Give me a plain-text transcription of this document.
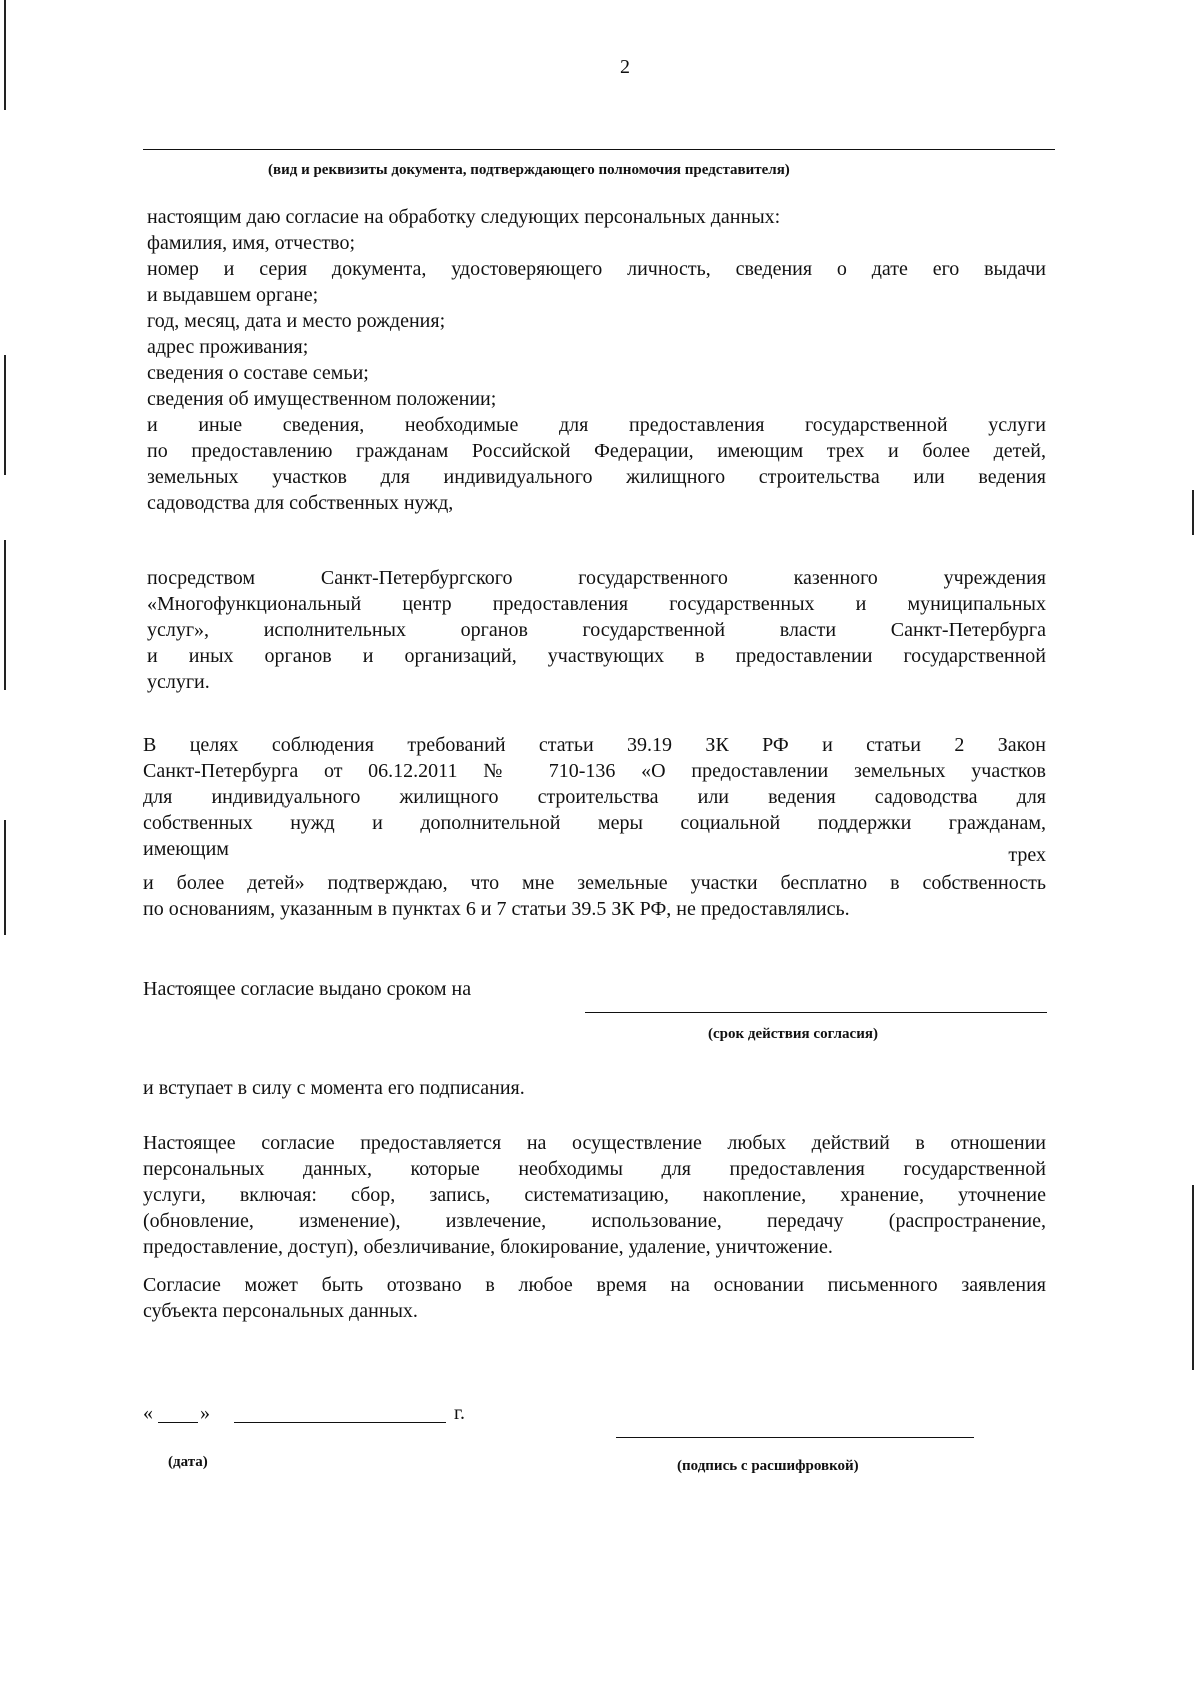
2
(вид и реквизиты документа, подтверждающего полномочия представителя)
настоящим даю согласие на обработку следующих персональных данных:
фамилия, имя, отчество;
номер и серия документа, удостоверяющего личность, сведения о дате его выдачи
и выдавшем органе;
год, месяц, дата и место рождения;
адрес проживания;
сведения о составе семьи;
сведения об имущественном положении;
и иные сведения, необходимые для предоставления государственной услуги
по предоставлению гражданам Российской Федерации, имеющим трех и более детей,
земельных участков для индивидуального жилищного строительства или ведения
садоводства для собственных нужд,
посредством Санкт-Петербургского государственного казенного учреждения
«Многофункциональный центр предоставления государственных и муниципальных
услуг», исполнительных органов государственной власти Санкт-Петербурга
и иных органов и организаций, участвующих в предоставлении государственной
услуги.
В целях соблюдения требований статьи 39.19 ЗК РФ и статьи 2 Закон
Санкт-Петербурга от 06.12.2011 № 710-136 «О предоставлении земельных участков
для индивидуального жилищного строительства или ведения садоводства для
собственных нужд и дополнительной меры социальной поддержки гражданам,
имеющим	трех
и более детей» подтверждаю, что мне земельные участки бесплатно в собственность
по основаниям, указанным в пунктах 6 и 7 статьи 39.5 ЗК РФ, не предоставлялись.
Настоящее согласие выдано сроком на
(срок действия согласия)
и вступает в силу с момента его подписания.
Настоящее согласие предоставляется на осуществление любых действий в отношении
персональных данных, которые необходимы для предоставления государственной
услуги, включая: сбор, запись, систематизацию, накопление, хранение, уточнение
(обновление, изменение), извлечение, использование, передачу (распространение,
предоставление, доступ), обезличивание, блокирование, удаление, уничтожение.
Согласие может быть отозвано в любое время на основании письменного заявления
субъекта персональных данных.
« »	г.
(дата)	(подпись с расшифровкой)
